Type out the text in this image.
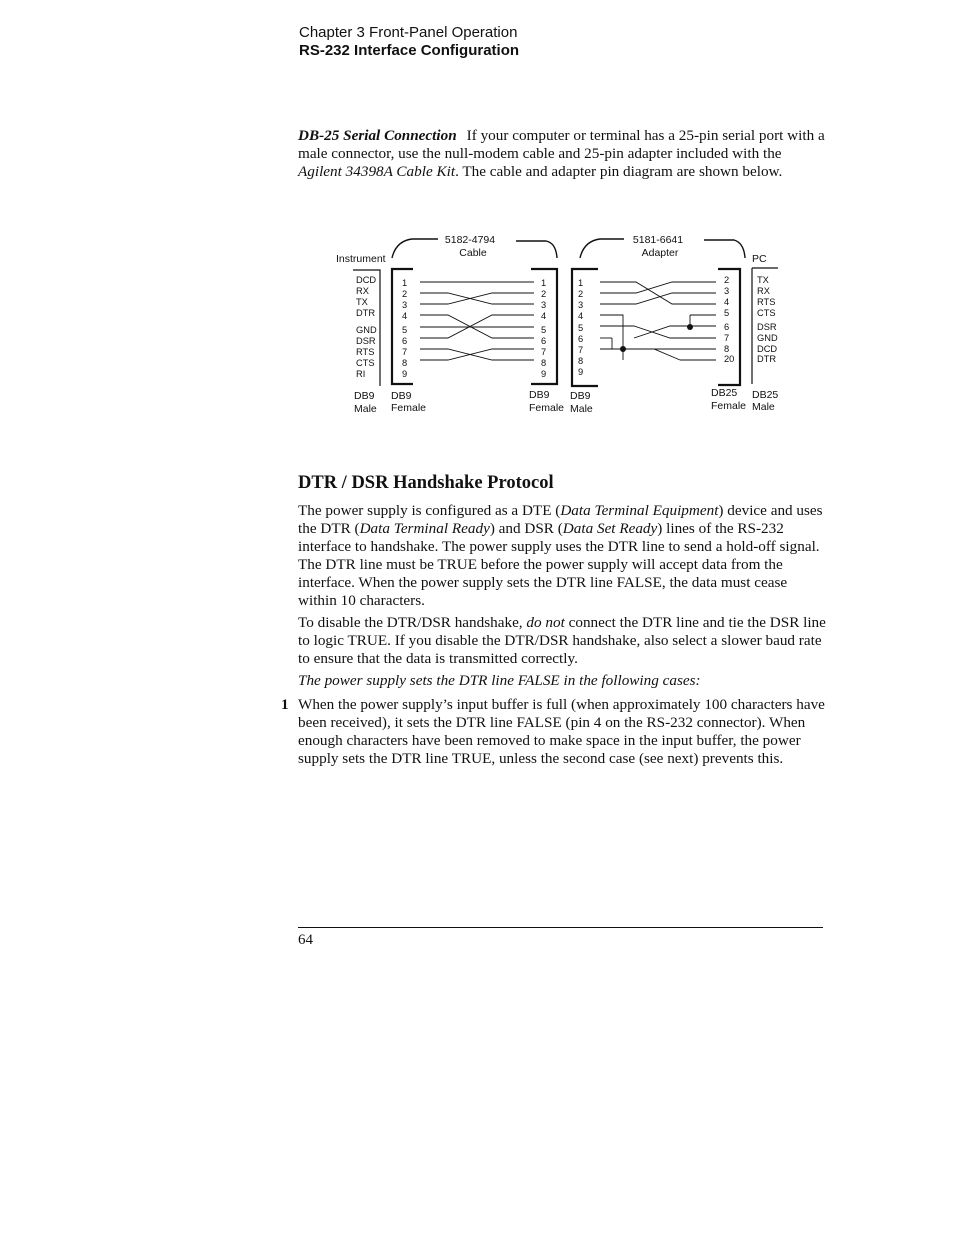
Chapter 3 Front-Panel Operation
RS-232 Interface Configuration

DB-25 Serial Connection If your computer or terminal has a 25-pin serial port with a male connector, use the null-modem cable and 25-pin adapter included with the Agilent 34398A Cable Kit. The cable and adapter pin diagram are shown below.

5182-4794
Cable
5181-6641
Adapter
Instrument	PC
DCD
RX
TX
DTR
GND
DSR
RTS
CTS
RI
TX
RX
RTS
CTS
DSR
GND
DCD
DTR
1
2
3
4
5
6
7
8
9
1
2
3
4
5
6
7
8
9
1
2
3
4
5
6
7
8
9
2
3
4
5
6
7
8
20
DB9
Male
DB9
Female
DB9
Female
DB9
Male
DB25
Female
DB25
Male
DTR / DSR Handshake Protocol

The power supply is configured as a DTE (Data Terminal Equipment) device and uses the DTR (Data Terminal Ready) and DSR (Data Set Ready) lines of the RS-232 interface to handshake. The power supply uses the DTR line to send a hold-off signal. The DTR line must be TRUE before the power supply will accept data from the interface. When the power supply sets the DTR line FALSE, the data must cease within 10 characters.

To disable the DTR/DSR handshake, do not connect the DTR line and tie the DSR line to logic TRUE. If you disable the DTR/DSR handshake, also select a slower baud rate to ensure that the data is transmitted correctly.

The power supply sets the DTR line FALSE in the following cases:

1 When the power supply’s input buffer is full (when approximately 100 characters have been received), it sets the DTR line FALSE (pin 4 on the RS-232 connector). When enough characters have been removed to make space in the input buffer, the power supply sets the DTR line TRUE, unless the second case (see next) prevents this.

64
